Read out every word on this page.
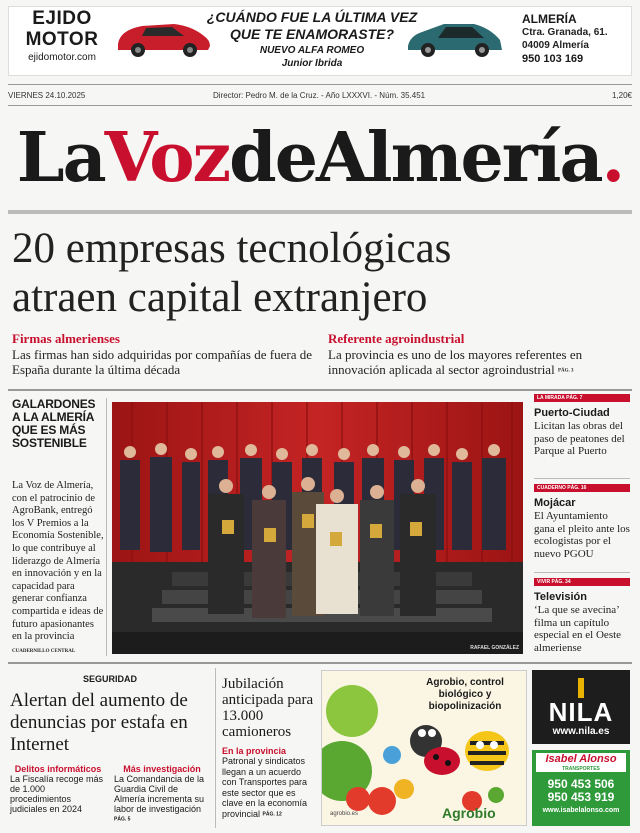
EJIDO
MOTOR
ejidomotor.com
¿CUÁNDO FUE LA ÚLTIMA VEZ QUE TE ENAMORASTE?
NUEVO ALFA ROMEO
Junior Ibrida
ALMERÍA
Ctra. Granada, 61.
04009 Almería
950 103 169
VIERNES 24.10.2025	Director: Pedro M. de la Cruz. - Año LXXXVI. - Núm. 35.451	1,20€
LaVozdeAlmería.
20 empresas tecnológicas
atraen capital extranjero
Firmas almerienses
Las firmas han sido adquiridas por compañías de fuera de España durante la última década
Referente agroindustrial
La provincia es uno de los mayores referentes en innovación aplicada al sector agroindustrial PÁG. 3
GALARDONES A LA ALMERÍA QUE ES MÁS SOSTENIBLE

La Voz de Almería, con el patrocinio de AgroBank, entregó los V Premios a la Economía Sostenible, lo que contribuye al liderazgo de Almería en innovación y en la capacidad para generar confianza compartida e ideas de futuro apasionantes en la provincia CUADERNILLO CENTRAL

RAFAEL GONZÁLEZ
LA MIRADA PÁG. 7
Puerto-Ciudad
Licitan las obras del paso de peatones del Parque al Puerto
CUADERNO PÁG. 16
Mojácar
El Ayuntamiento gana el pleito ante los ecologistas por el nuevo PGOU
VIVIR PÁG. 34
Televisión
‘La que se avecina’ filma un capítulo especial en el Oeste almeriense
SEGURIDAD
Alertan del aumento de denuncias por estafa en Internet
Delitos informáticos
La Fiscalía recoge más de 1.000 procedimientos judiciales en 2024
Más investigación
La Comandancia de la Guardia Civil de Almería incrementa su labor de investigación PÁG. 5
Jubilación anticipada para 13.000 camioneros
En la provincia
Patronal y sindicatos llegan a un acuerdo con Transportes para este sector que es clave en la economía provincial PÁG. 12
Agrobio, control biológico y biopolinización
Agrobio
agrobio.es
NILA
www.nila.es
Isabel Alonso
TRANSPORTES
950 453 506
950 453 919
www.isabelalonso.com
